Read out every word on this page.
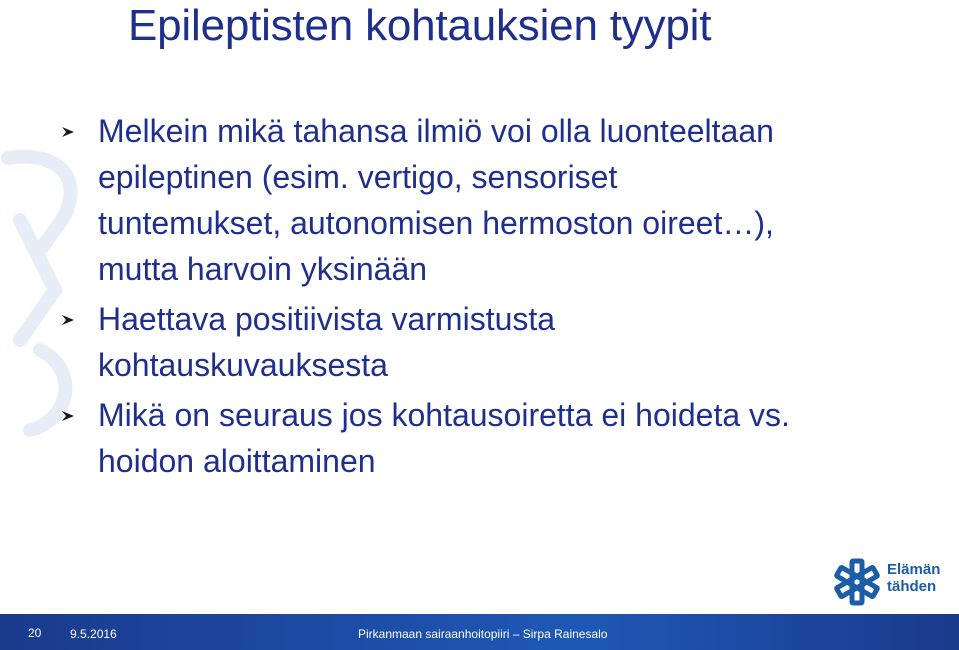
Epileptisten kohtauksien tyypit
Melkein mikä tahansa ilmiö voi olla luonteeltaan
epileptinen (esim. vertigo, sensoriset
tuntemukset, autonomisen hermoston oireet…),
mutta harvoin yksinään
Haettava positiivista varmistusta
kohtauskuvauksesta
Mikä on seuraus jos kohtausoiretta ei hoideta vs.
hoidon aloittaminen
Elämän
tähden
20 9.5.2016	Pirkanmaan sairaanhoitopiiri – Sirpa Rainesalo
